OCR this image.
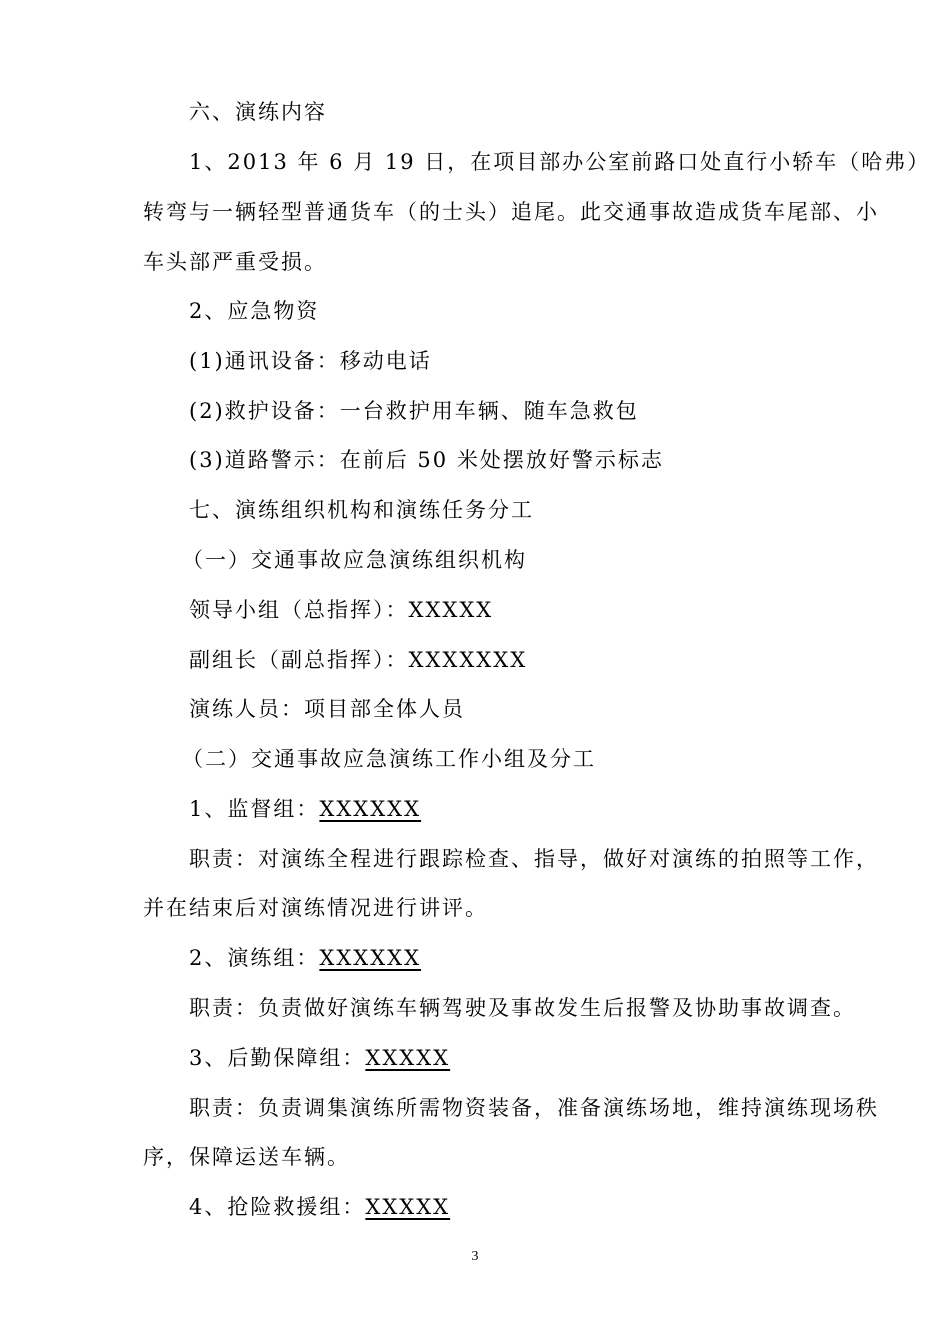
六、演练内容
1、2013 年 6 月 19 日，在项目部办公室前路口处直行小轿车（哈弗）
转弯与一辆轻型普通货车（的士头）追尾。此交通事故造成货车尾部、小
车头部严重受损。
2、应急物资
(1)通讯设备：移动电话
(2)救护设备：一台救护用车辆、随车急救包
(3)道路警示：在前后 50 米处摆放好警示标志
七、演练组织机构和演练任务分工
（一）交通事故应急演练组织机构
领导小组（总指挥）：XXXXX
副组长（副总指挥）：XXXXXXX
演练人员：项目部全体人员
（二）交通事故应急演练工作小组及分工
1、监督组：XXXXXX
职责：对演练全程进行跟踪检查、指导，做好对演练的拍照等工作，
并在结束后对演练情况进行讲评。
2、演练组：XXXXXX
职责：负责做好演练车辆驾驶及事故发生后报警及协助事故调查。
3、后勤保障组：XXXXX
职责：负责调集演练所需物资装备，准备演练场地，维持演练现场秩
序，保障运送车辆。
4、抢险救援组：XXXXX
3
